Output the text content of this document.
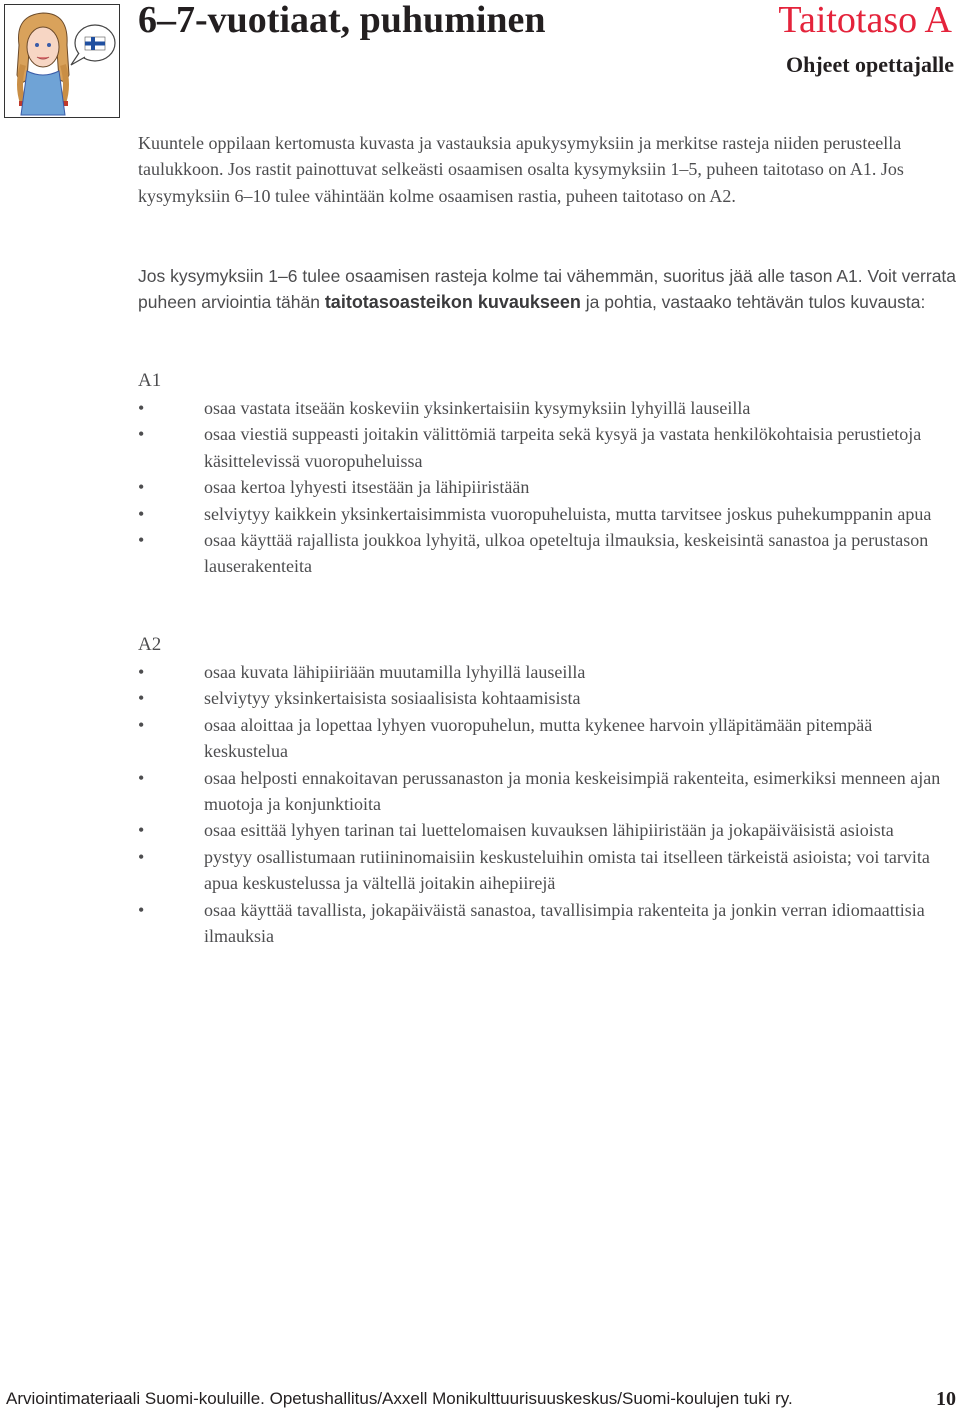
6–7-vuotiaat, puhuminen	Taitotaso A
Ohjeet opettajalle
Kuuntele oppilaan kertomusta kuvasta ja vastauksia apukysymyksiin ja merkitse rasteja niiden perusteella taulukkoon. Jos rastit painottuvat selkeästi osaamisen osalta kysymyksiin 1–5, puheen taitotaso on A1. Jos kysymyksiin 6–10 tulee vähintään kolme osaamisen rastia, puheen taitotaso on A2.
Jos kysymyksiin 1–6 tulee osaamisen rasteja kolme tai vähemmän, suoritus jää alle tason A1. Voit verrata puheen arviointia tähän taitotasoasteikon kuvaukseen ja pohtia, vastaako tehtävän tulos kuvausta:
A1
•	osaa vastata itseään koskeviin yksinkertaisiin kysymyksiin lyhyillä lauseilla
•	osaa viestiä suppeasti joitakin välittömiä tarpeita sekä kysyä ja vastata henkilökohtaisia perustietoja käsittelevissä vuoropuheluissa
•	osaa kertoa lyhyesti itsestään ja lähipiiristään
•	selviytyy kaikkein yksinkertaisimmista vuoropuheluista, mutta tarvitsee joskus puhekumppanin apua
•	osaa käyttää rajallista joukkoa lyhyitä, ulkoa opeteltuja ilmauksia, keskeisintä sanastoa ja perustason lauserakenteita
A2
•	osaa kuvata lähipiiriään muutamilla lyhyillä lauseilla
•	selviytyy yksinkertaisista sosiaalisista kohtaamisista
•	osaa aloittaa ja lopettaa lyhyen vuoropuhelun, mutta kykenee harvoin ylläpitämään pitempää keskustelua
•	osaa helposti ennakoitavan perussanaston ja monia keskeisimpiä rakenteita, esimerkiksi menneen ajan muotoja ja konjunktioita
•	osaa esittää lyhyen tarinan tai luettelomaisen kuvauksen lähipiiristään ja jokapäiväisistä asioista
•	pystyy osallistumaan rutiininomaisiin keskusteluihin omista tai itselleen tärkeistä asioista; voi tarvita apua keskustelussa ja vältellä joitakin aihepiirejä
•	osaa käyttää tavallista, jokapäiväistä sanastoa, tavallisimpia rakenteita ja jonkin verran idiomaattisia ilmauksia
Arviointimateriaali Suomi-kouluille. Opetushallitus/Axxell Monikulttuurisuuskeskus/Suomi-koulujen tuki ry.	10
